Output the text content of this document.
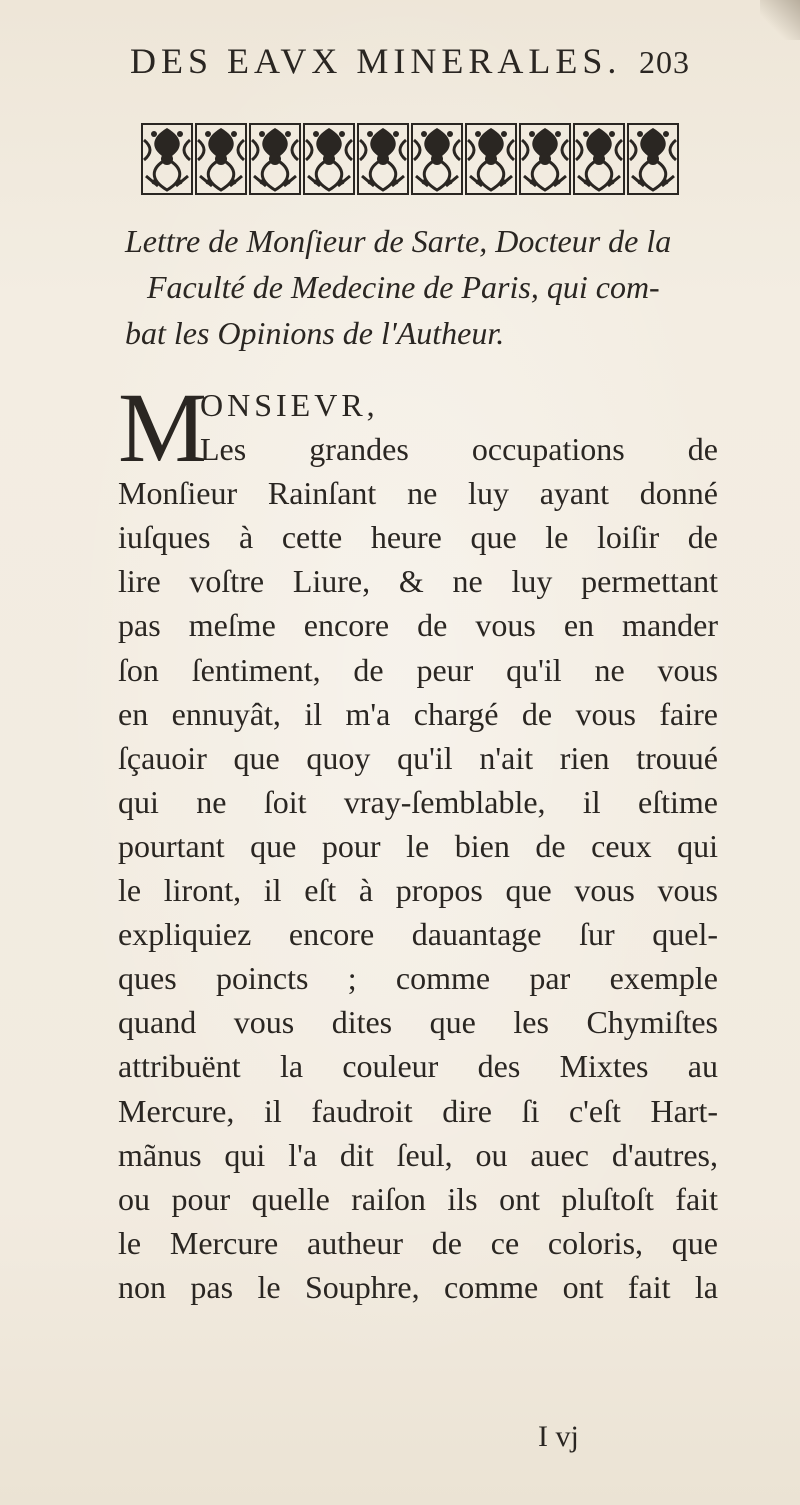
DES EAVX MINERALES. 203
Lettre de Monſieur de Sarte, Docteur de la
Faculté de Medecine de Paris, qui com-
bat les Opinions de l'Autheur.
M
ONSIEVR,
Les grandes occupations de
Monſieur Rainſant ne luy ayant donné
iuſques à cette heure que le loiſir de
lire voſtre Liure, & ne luy permettant
pas meſme encore de vous en mander
ſon ſentiment, de peur qu'il ne vous
en ennuyât, il m'a chargé de vous faire
ſçauoir que quoy qu'il n'ait rien trouué
qui ne ſoit vray-ſemblable, il eſtime
pourtant que pour le bien de ceux qui
le liront, il eſt à propos que vous vous
expliquiez encore dauantage ſur quel-
ques poincts ; comme par exemple
quand vous dites que les Chymiſtes
attribuënt la couleur des Mixtes au
Mercure, il faudroit dire ſi c'eſt Hart-
mãnus qui l'a dit ſeul, ou auec d'autres,
ou pour quelle raiſon ils ont pluſtoſt fait
le Mercure autheur de ce coloris, que
non pas le Souphre, comme ont fait la
I vj
